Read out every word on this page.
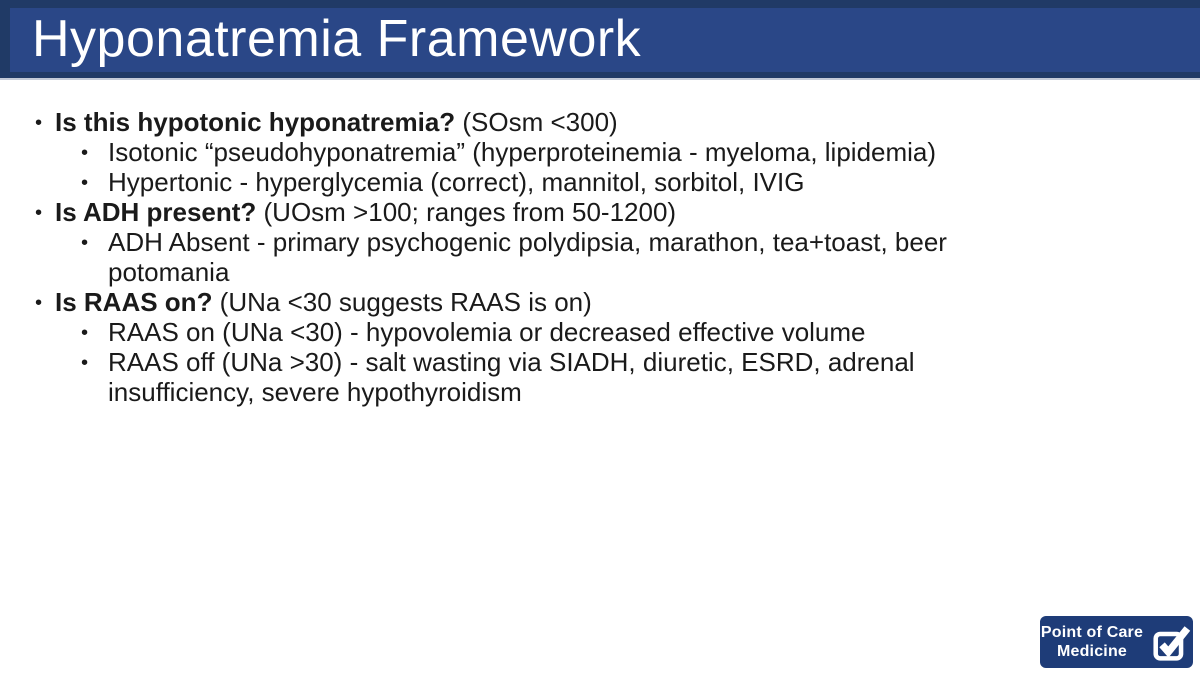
Hyponatremia Framework
• Is this hypotonic hyponatremia? (SOsm <300)
• Isotonic “pseudohyponatremia” (hyperproteinemia - myeloma, lipidemia)
• Hypertonic - hyperglycemia (correct), mannitol, sorbitol, IVIG
• Is ADH present? (UOsm >100; ranges from 50-1200)
• ADH Absent - primary psychogenic polydipsia, marathon, tea+toast, beer potomania
• Is RAAS on? (UNa <30 suggests RAAS is on)
• RAAS on (UNa <30) - hypovolemia or decreased effective volume
• RAAS off (UNa >30) - salt wasting via SIADH, diuretic, ESRD, adrenal insufficiency, severe hypothyroidism
Point of Care
Medicine
